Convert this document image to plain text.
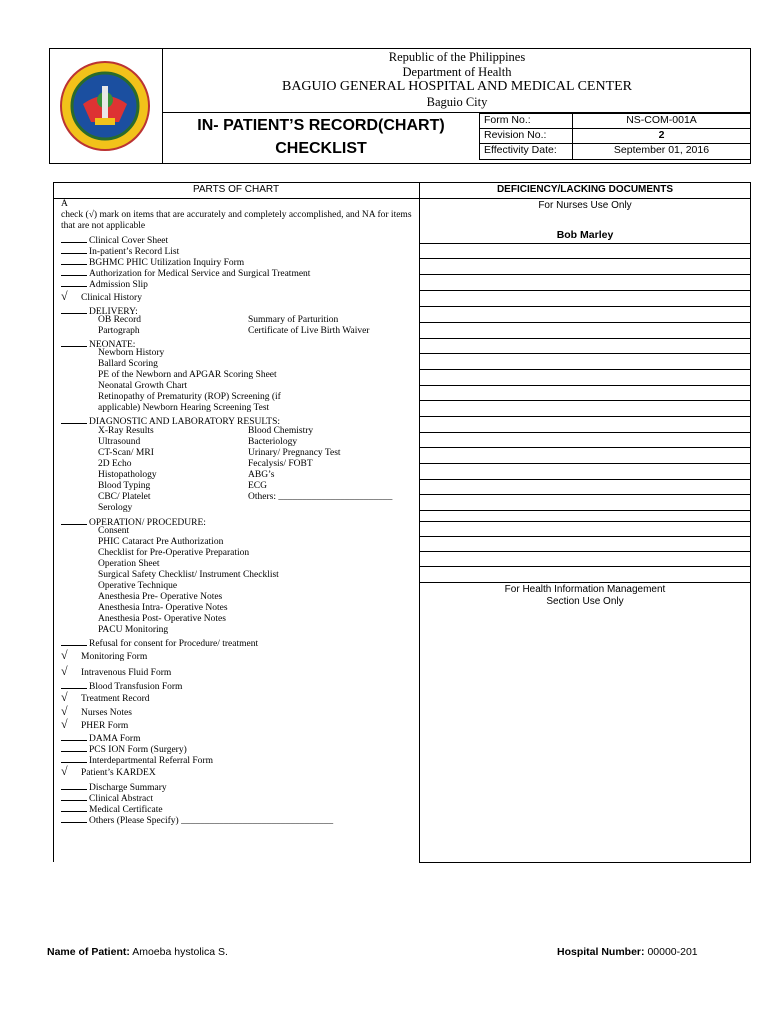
Republic of the Philippines
Department of Health
BAGUIO GENERAL HOSPITAL AND MEDICAL CENTER
Baguio City
IN- PATIENT’S RECORD(CHART)
CHECKLIST
Form No.:	NS-COM-001A
Revision No.:	2
Effectivity Date:	September 01, 2016
PARTS OF CHART	DEFICIENCY/LACKING DOCUMENTS
For Nurses Use Only
Bob Marley
For Health Information Management
Section Use Only
A
check (√) mark on items that are accurately and completely accomplished, and NA for items that are not applicable
Clinical Cover Sheet
In-patient’s Record List
BGHMC PHIC Utilization Inquiry Form
Authorization for Medical Service and Surgical Treatment
Admission Slip
√ Clinical History
DELIVERY:
OB Record	Summary of Parturition
Partograph	Certificate of Live Birth Waiver
NEONATE:
Newborn History
Ballard Scoring
PE of the Newborn and APGAR Scoring Sheet
Neonatal Growth Chart
Retinopathy of Prematurity (ROP) Screening (if
applicable) Newborn Hearing Screening Test
DIAGNOSTIC AND LABORATORY RESULTS:
X-Ray Results	Blood Chemistry
Ultrasound	Bacteriology
CT-Scan/ MRI	Urinary/ Pregnancy Test
2D Echo	Fecalysis/ FOBT
Histopathology	ABG’s
Blood Typing	ECG
CBC/ Platelet	Others: ________________________
Serology
OPERATION/ PROCEDURE:
Consent
PHIC Cataract Pre Authorization
Checklist for Pre-Operative Preparation
Operation Sheet
Surgical Safety Checklist/ Instrument Checklist
Operative Technique
Anesthesia Pre- Operative Notes
Anesthesia Intra- Operative Notes
Anesthesia Post- Operative Notes
PACU Monitoring
Refusal for consent for Procedure/ treatment
√ Monitoring Form
√ Intravenous Fluid Form
Blood Transfusion Form
√ Treatment Record
√ Nurses Notes
√ PHER Form
DAMA Form
PCS ION Form (Surgery)
Interdepartmental Referral Form
√ Patient’s KARDEX
Discharge Summary
Clinical Abstract
Medical Certificate
Others (Please Specify) ________________________________
Name of Patient: Amoeba hystolica S.	Hospital Number: 00000-201
